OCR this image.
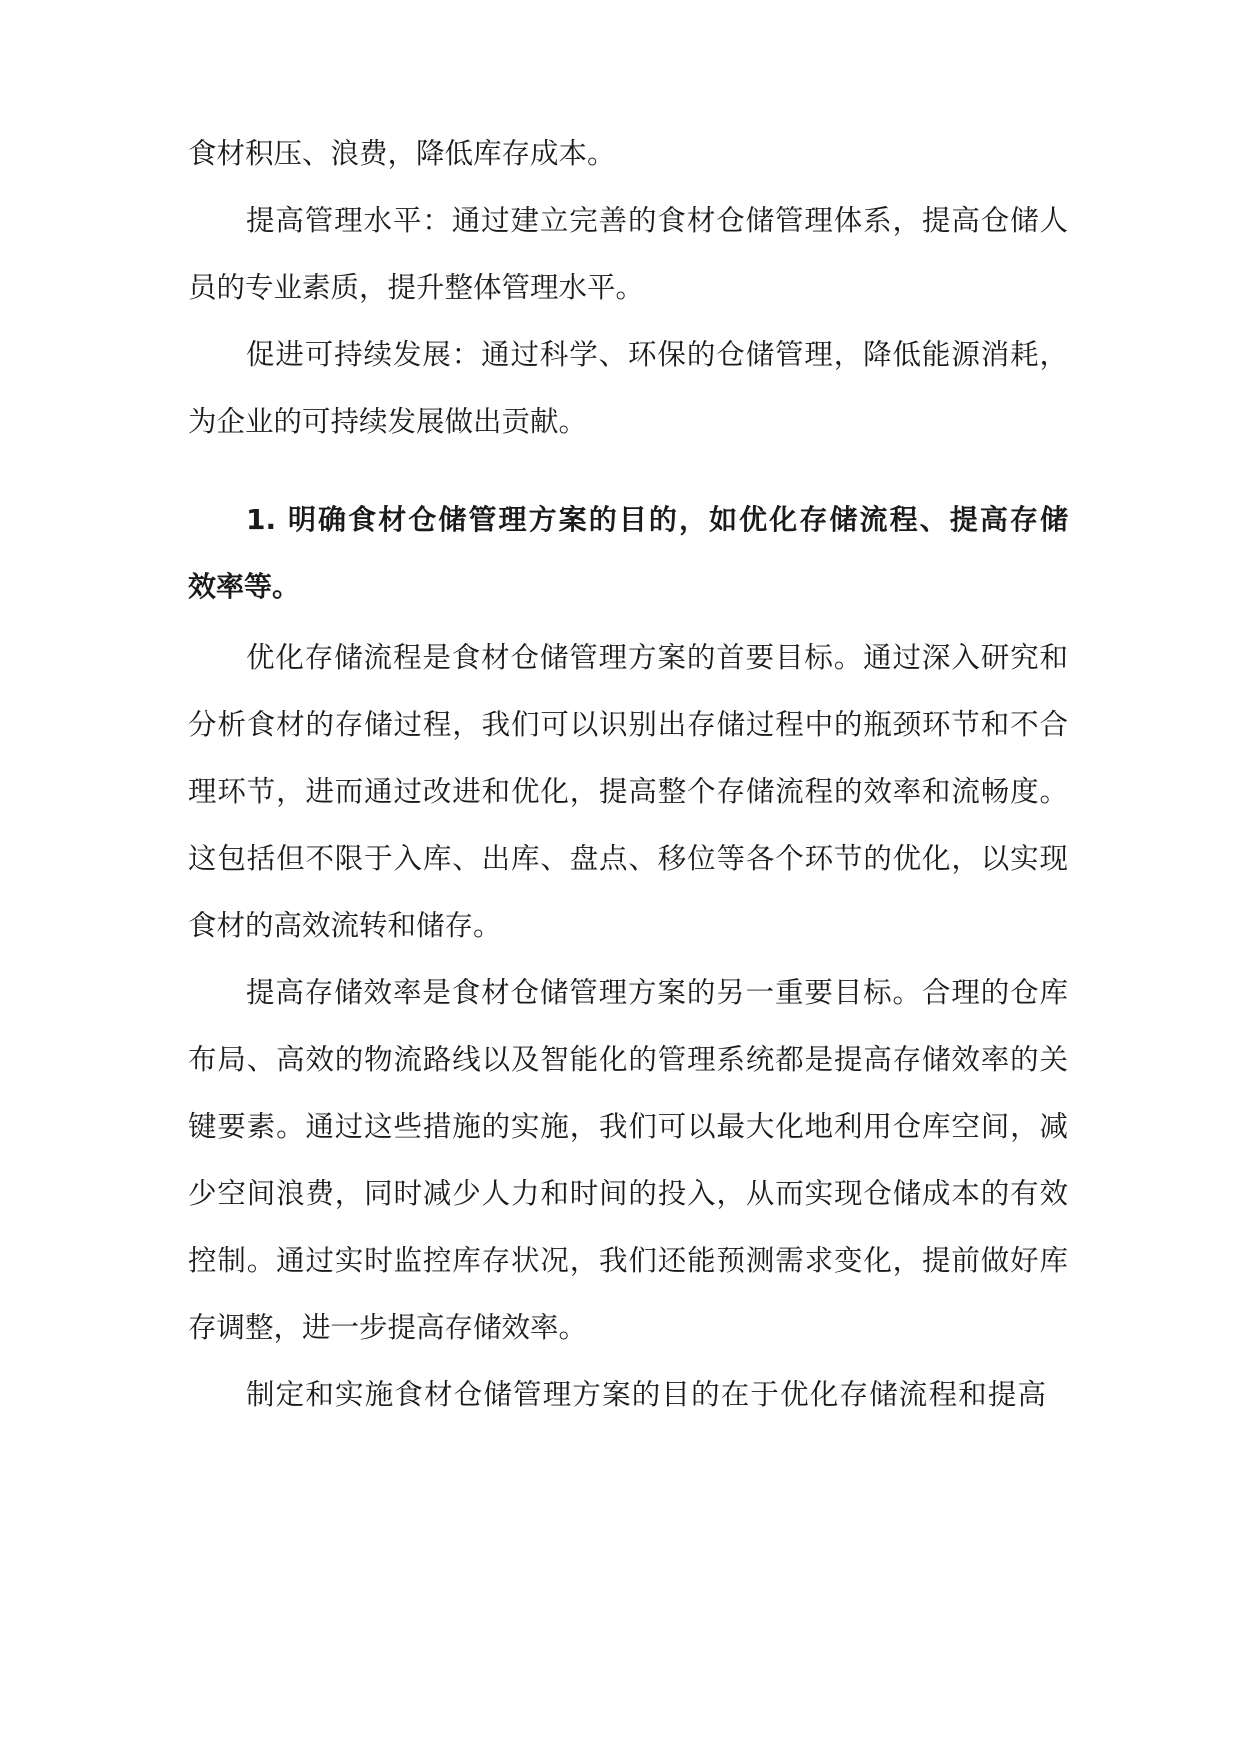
食材积压、浪费，降低库存成本。
提高管理水平：通过建立完善的食材仓储管理体系，提高仓储人
员的专业素质，提升整体管理水平。
促进可持续发展：通过科学、环保的仓储管理，降低能源消耗，
为企业的可持续发展做出贡献。
1. 明确食材仓储管理方案的目的，如优化存储流程、提高存储
效率等。
优化存储流程是食材仓储管理方案的首要目标。通过深入研究和
分析食材的存储过程，我们可以识别出存储过程中的瓶颈环节和不合
理环节，进而通过改进和优化，提高整个存储流程的效率和流畅度。
这包括但不限于入库、出库、盘点、移位等各个环节的优化，以实现
食材的高效流转和储存。
提高存储效率是食材仓储管理方案的另一重要目标。合理的仓库
布局、高效的物流路线以及智能化的管理系统都是提高存储效率的关
键要素。通过这些措施的实施，我们可以最大化地利用仓库空间，减
少空间浪费，同时减少人力和时间的投入，从而实现仓储成本的有效
控制。通过实时监控库存状况，我们还能预测需求变化，提前做好库
存调整，进一步提高存储效率。
制定和实施食材仓储管理方案的目的在于优化存储流程和提高
